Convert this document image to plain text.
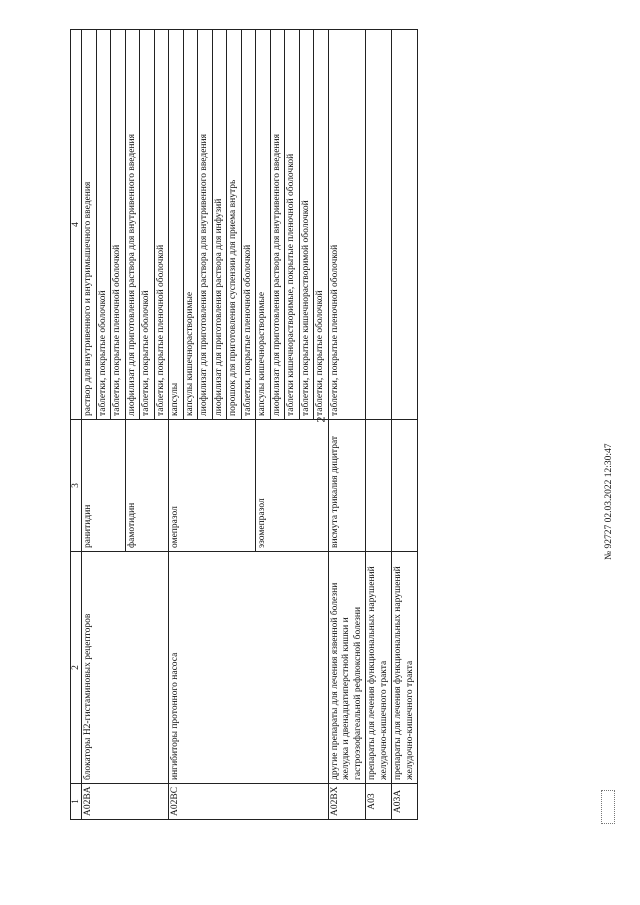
2
1	2	3	4
A02BA	блокаторы Н2-гистаминовых рецепторов	ранитидин	раствор для внутривенного и внутримышечного введения
			таблетки, покрытые оболочкой
			таблетки, покрытые пленочной оболочкой
		фамотидин	лиофилизат для приготовления раствора для внутривенного введения
			таблетки, покрытые оболочкой
			таблетки, покрытые пленочной оболочкой
A02BC	ингибиторы протонного насоса	омепразол	капсулы
			капсулы кишечнорастворимые
			лиофилизат для приготовления раствора для внутривенного введения
			лиофилизат для приготовления раствора для инфузий
			порошок для приготовления суспензии для приема внутрь
			таблетки, покрытые пленочной оболочкой
		эзомепразол	капсулы кишечнорастворимые
			лиофилизат для приготовления раствора для внутривенного введения
			таблетки кишечнорастворимые, покрытые пленочной оболочкой
			таблетки, покрытые кишечнорастворимой оболочкой
			таблетки, покрытые оболочкой
A02BX	другие препараты для лечения язвенной болезни желудка и двенадцатиперстной кишки и гастроэзофагеальной рефлюксной болезни	висмута трикалия дицитрат	таблетки, покрытые пленочной оболочкой
A03	препараты для лечения функциональных нарушений желудочно-кишечного тракта		
A03A	препараты для лечения функциональных нарушений желудочно-кишечного тракта		
№ 92727 02.03.2022 12:30:47
